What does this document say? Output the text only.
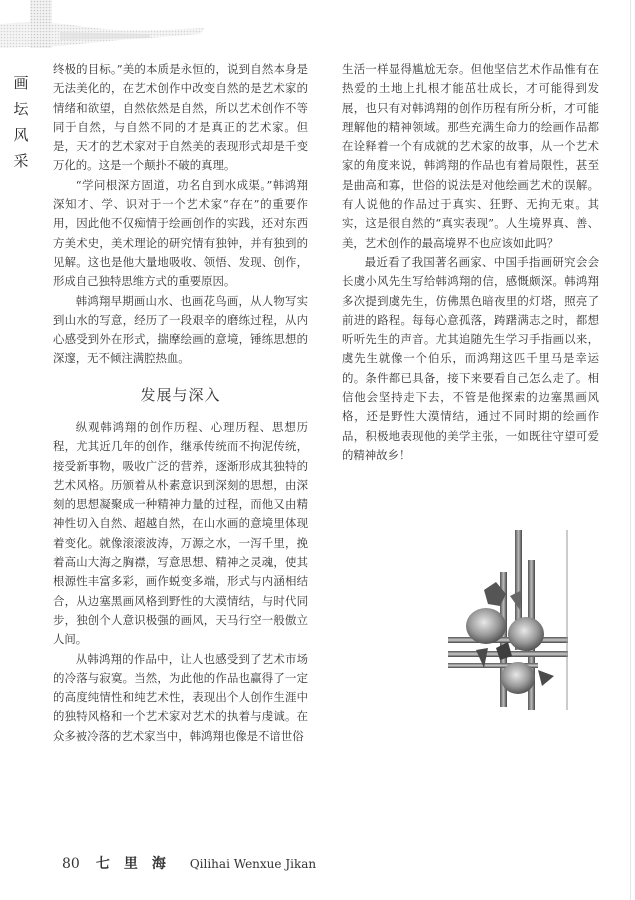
画
坛
风
采

终极的目标。”美的本质是永恒的，说到自然本身是无法美化的，在艺术创作中改变自然的是艺术家的情绪和欲望，自然依然是自然，所以艺术创作不等同于自然，与自然不同的才是真正的艺术家。但是，天才的艺术家对于自然美的表现形式却是千变万化的。这是一个颠扑不破的真理。

“学问根深方固道，功名自到水成渠。”韩鸿翔深知才、学、识对于一个艺术家“存在”的重要作用，因此他不仅痴情于绘画创作的实践，还对东西方美术史，美术理论的研究情有独钟，并有独到的见解。这也是他大量地吸收、领悟、发现、创作，形成自己独特思维方式的重要原因。

韩鸿翔早期画山水、也画花鸟画，从人物写实到山水的写意，经历了一段艰辛的磨练过程，从内心感受到外在形式，揣摩绘画的意境，锤练思想的深邃，无不倾注满腔热血。

发展与深入

纵观韩鸿翔的创作历程、心理历程、思想历程，尤其近几年的创作，继承传统而不拘泥传统，接受新事物，吸收广泛的营养，逐渐形成其独特的艺术风格。历颁着从朴素意识到深刻的思想，由深刻的思想凝聚成一种精神力量的过程，而他又由精神性切入自然、超越自然，在山水画的意境里体现着变化。就像滚滚波涛，万源之水，一泻千里，挽着高山大海之胸襟，写意思想、精神之灵魂，使其根源性丰富多彩，画作蜕变多端，形式与内涵相结合，从边塞黑画风格到野性的大漠情结，与时代同步，独创个人意识极强的画风，天马行空一般傲立人间。

从韩鸿翔的作品中，让人也感受到了艺术市场的冷落与寂寞。当然，为此他的作品也赢得了一定的高度纯情性和纯艺术性，表现出个人创作生涯中的独特风格和一个艺术家对艺术的执着与虔诚。在众多被冷落的艺术家当中，韩鸿翔也像是不谙世俗

生活一样显得尴尬无奈。但他坚信艺术作品惟有在热爱的土地上扎根才能茁壮成长，才可能得到发展，也只有对韩鸿翔的创作历程有所分析，才可能理解他的精神领域。那些充满生命力的绘画作品都在诠释着一个有成就的艺术家的故事，从一个艺术家的角度来说，韩鸿翔的作品也有着局限性，甚至是曲高和寡，世俗的说法是对他绘画艺术的误解。有人说他的作品过于真实、狂野、无拘无束。其实，这是很自然的“真实表现”。人生境界真、善、美，艺术创作的最高境界不也应该如此吗？

最近看了我国著名画家、中国手指画研究会会长虞小风先生写给韩鸿翔的信，感慨颇深。韩鸿翔多次提到虞先生，仿佛黑色暗夜里的灯塔，照亮了前进的路程。每每心意孤落，踌躇满志之时，都想听听先生的声音。尤其追随先生学习手指画以来，虞先生就像一个伯乐，而鸿翔这匹千里马是幸运的。条件都已具备，接下来要看自己怎么走了。相信他会坚持走下去，不管是他探索的边塞黑画风格，还是野性大漠情结，通过不同时期的绘画作品，积极地表现他的美学主张，一如既往守望可爱的精神故乡！

80 七里海 Qilihai Wenxue Jikan
